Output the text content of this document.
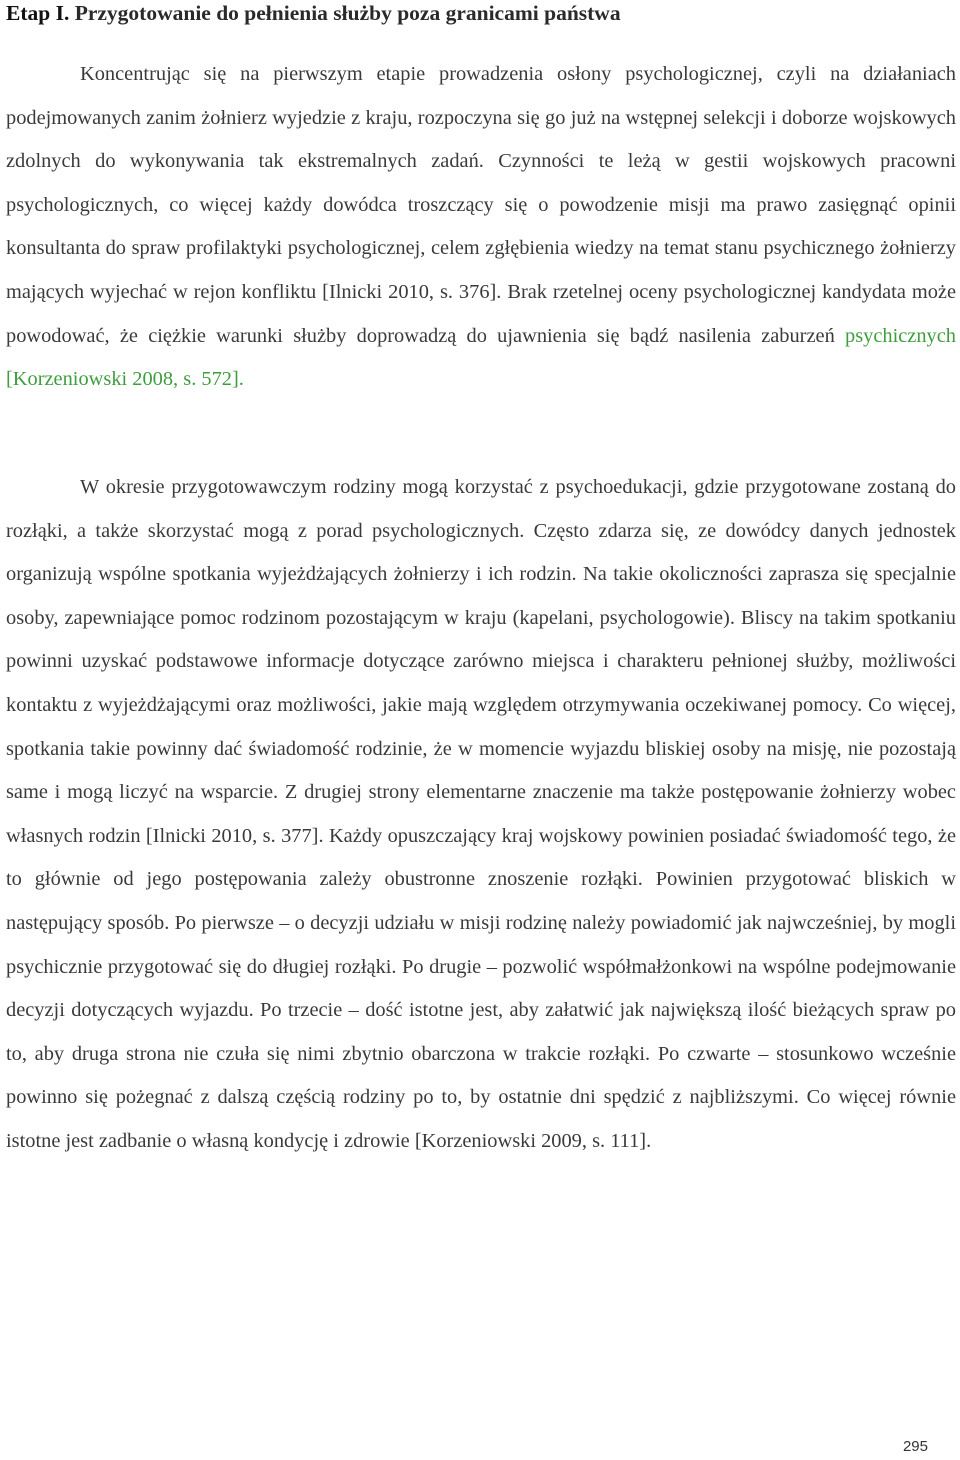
Etap I. Przygotowanie do pełnienia służby poza granicami państwa

Koncentrując się na pierwszym etapie prowadzenia osłony psychologicznej, czyli na działaniach podejmowanych zanim żołnierz wyjedzie z kraju, rozpoczyna się go już na wstępnej selekcji i doborze wojskowych zdolnych do wykonywania tak ekstremalnych zadań. Czynności te leżą w gestii wojskowych pracowni psychologicznych, co więcej każdy dowódca troszczący się o powodzenie misji ma prawo zasięgnąć opinii konsultanta do spraw profilaktyki psychologicznej, celem zgłębienia wiedzy na temat stanu psychicznego żołnierzy mających wyjechać w rejon konfliktu [Ilnicki 2010, s. 376]. Brak rzetelnej oceny psychologicznej kandydata może powodować, że ciężkie warunki służby doprowadzą do ujawnienia się bądź nasilenia zaburzeń psychicznych [Korzeniowski 2008, s. 572].

W okresie przygotowawczym rodziny mogą korzystać z psychoedukacji, gdzie przygotowane zostaną do rozłąki, a także skorzystać mogą z porad psychologicznych. Często zdarza się, ze dowódcy danych jednostek organizują wspólne spotkania wyjeżdżających żołnierzy i ich rodzin. Na takie okoliczności zaprasza się specjalnie osoby, zapewniające pomoc rodzinom pozostającym w kraju (kapelani, psychologowie). Bliscy na takim spotkaniu powinni uzyskać podstawowe informacje dotyczące zarówno miejsca i charakteru pełnionej służby, możliwości kontaktu z wyjeżdżającymi oraz możliwości, jakie mają względem otrzymywania oczekiwanej pomocy. Co więcej, spotkania takie powinny dać świadomość rodzinie, że w momencie wyjazdu bliskiej osoby na misję, nie pozostają same i mogą liczyć na wsparcie. Z drugiej strony elementarne znaczenie ma także postępowanie żołnierzy wobec własnych rodzin [Ilnicki 2010, s. 377]. Każdy opuszczający kraj wojskowy powinien posiadać świadomość tego, że to głównie od jego postępowania zależy obustronne znoszenie rozłąki. Powinien przygotować bliskich w następujący sposób. Po pierwsze – o decyzji udziału w misji rodzinę należy powiadomić jak najwcześniej, by mogli psychicznie przygotować się do długiej rozłąki. Po drugie – pozwolić współmałżonkowi na wspólne podejmowanie decyzji dotyczących wyjazdu. Po trzecie – dość istotne jest, aby załatwić jak największą ilość bieżących spraw po to, aby druga strona nie czuła się nimi zbytnio obarczona w trakcie rozłąki. Po czwarte – stosunkowo wcześnie powinno się pożegnać z dalszą częścią rodziny po to, by ostatnie dni spędzić z najbliższymi. Co więcej równie istotne jest zadbanie o własną kondycję i zdrowie [Korzeniowski 2009, s. 111].

295
